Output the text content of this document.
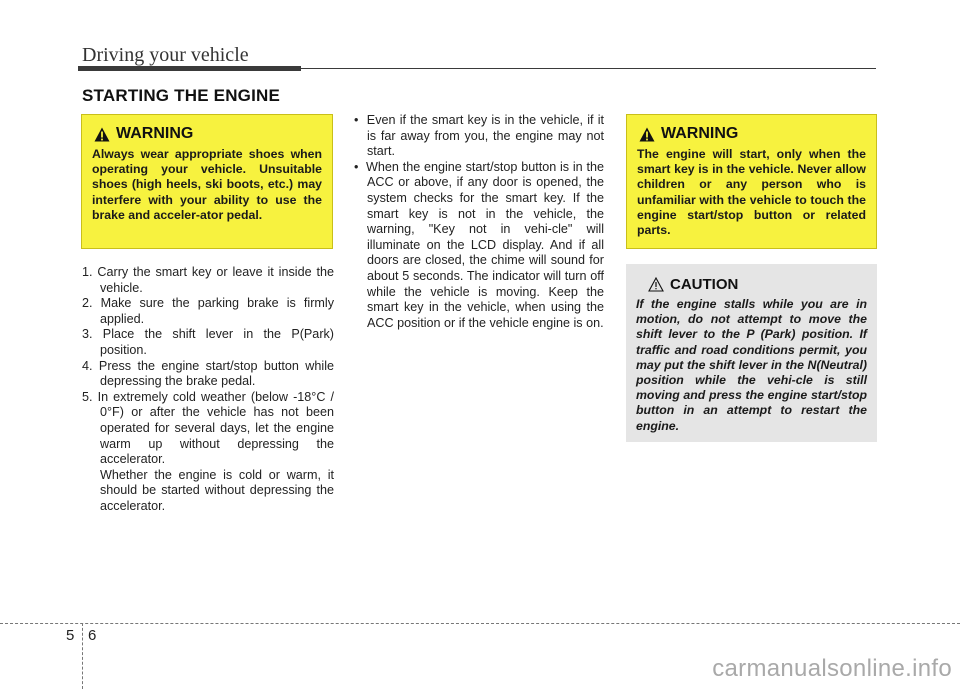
Driving your vehicle
STARTING THE ENGINE
WARNING
Always wear appropriate shoes when operating your vehicle. Unsuitable shoes (high heels, ski boots, etc.) may interfere with your ability to use the brake and acceler-ator pedal.
1. Carry the smart key or leave it inside the vehicle.
2. Make sure the parking brake is firmly applied.
3. Place the shift lever in the P(Park) position.
4. Press the engine start/stop button while depressing the brake pedal.
5. In extremely cold weather (below -18°C / 0°F) or after the vehicle has not been operated for several days, let the engine warm up without depressing the accelerator.
Whether the engine is cold or warm, it should be started without depressing the accelerator.
•  Even if the smart key is in the vehicle, if it is far away from you, the engine may not start.
•  When the engine start/stop button is in the ACC or above, if any door is opened, the system checks for the smart key. If the smart key is not in the vehicle, the warning, "Key not in vehi-cle" will illuminate on the LCD display. And if all doors are closed, the chime will sound for about 5 seconds. The indicator will turn off while the vehicle is moving. Keep the smart key in the vehicle, when using the ACC position or if the vehicle engine is on.
WARNING
The engine will start, only when the smart key is in the vehicle. Never allow children or any person who is unfamiliar with the vehicle to touch the engine start/stop button or related parts.
CAUTION
If the engine stalls while you are in motion, do not attempt to move the shift lever to the P (Park) position. If traffic and road conditions permit, you may put the shift lever in the N(Neutral) position while the vehi-cle is still moving and press the engine start/stop button in an attempt to restart the engine.
5 6
carmanualsonline.info
